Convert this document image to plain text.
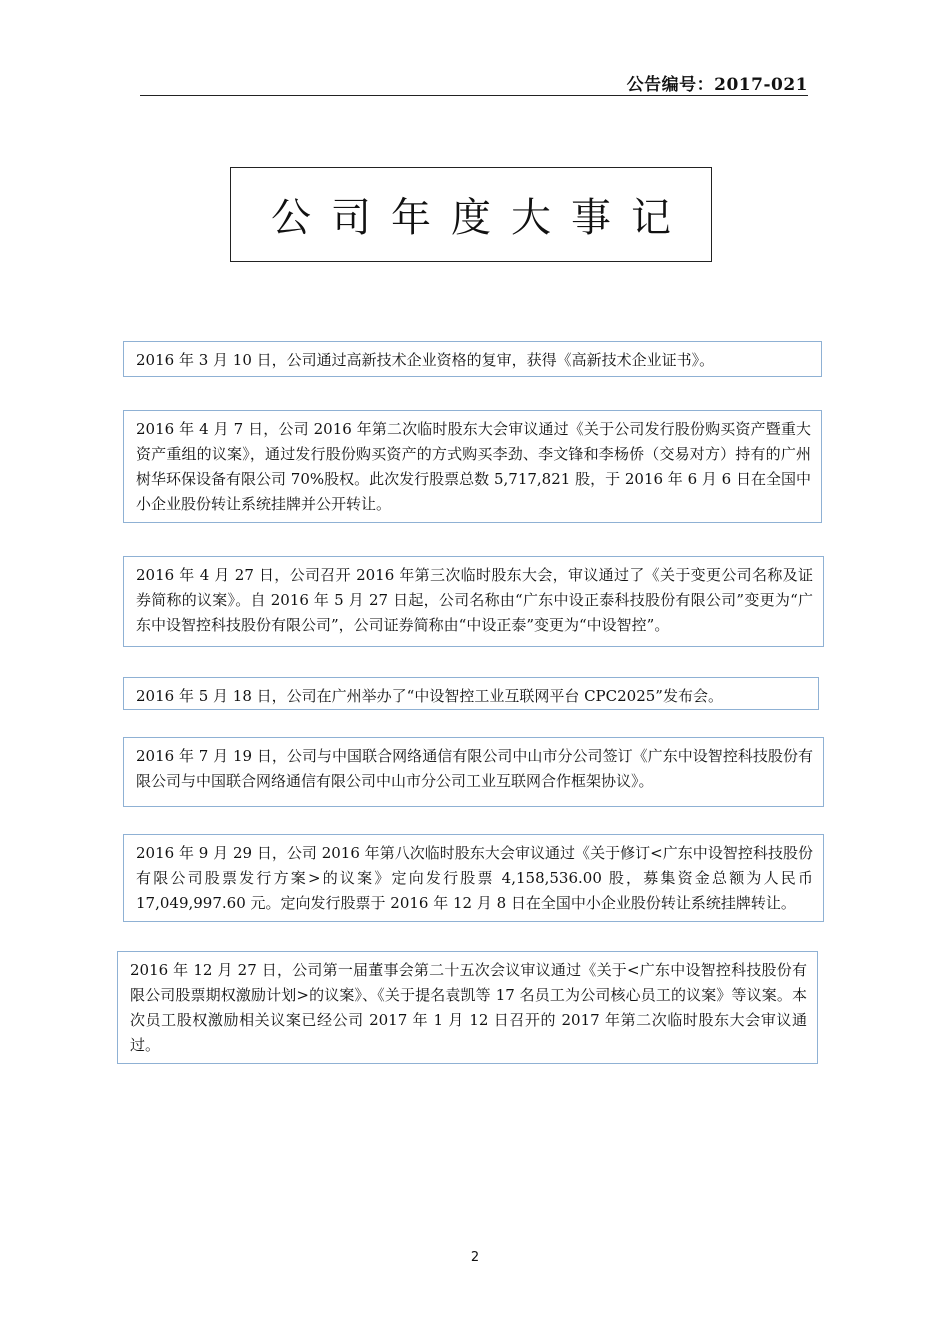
公告编号：2017-021
公司年度大事记
2016 年 3 月 10 日，公司通过高新技术企业资格的复审，获得《高新技术企业证书》。
2016 年 4 月 7 日，公司 2016 年第二次临时股东大会审议通过《关于公司发行股份购买资产暨重大资产重组的议案》，通过发行股份购买资产的方式购买李劲、李文锋和李杨侨（交易对方）持有的广州树华环保设备有限公司 70%股权。此次发行股票总数 5,717,821 股，于 2016 年 6 月 6 日在全国中小企业股份转让系统挂牌并公开转让。
2016 年 4 月 27 日，公司召开 2016 年第三次临时股东大会，审议通过了《关于变更公司名称及证券简称的议案》。自 2016 年 5 月 27 日起，公司名称由“广东中设正泰科技股份有限公司”变更为“广东中设智控科技股份有限公司”，公司证券简称由“中设正泰”变更为“中设智控”。
2016 年 5 月 18 日，公司在广州举办了“中设智控工业互联网平台 CPC2025”发布会。
2016 年 7 月 19 日，公司与中国联合网络通信有限公司中山市分公司签订《广东中设智控科技股份有限公司与中国联合网络通信有限公司中山市分公司工业互联网合作框架协议》。
2016 年 9 月 29 日，公司 2016 年第八次临时股东大会审议通过《关于修订<广东中设智控科技股份有限公司股票发行方案>的议案》定向发行股票 4,158,536.00 股，募集资金总额为人民币 17,049,997.60 元。定向发行股票于 2016 年 12 月 8 日在全国中小企业股份转让系统挂牌转让。
2016 年 12 月 27 日，公司第一届董事会第二十五次会议审议通过《关于<广东中设智控科技股份有限公司股票期权激励计划>的议案》、《关于提名袁凯等 17 名员工为公司核心员工的议案》等议案。本次员工股权激励相关议案已经公司 2017 年 1 月 12 日召开的 2017 年第二次临时股东大会审议通过。
2
